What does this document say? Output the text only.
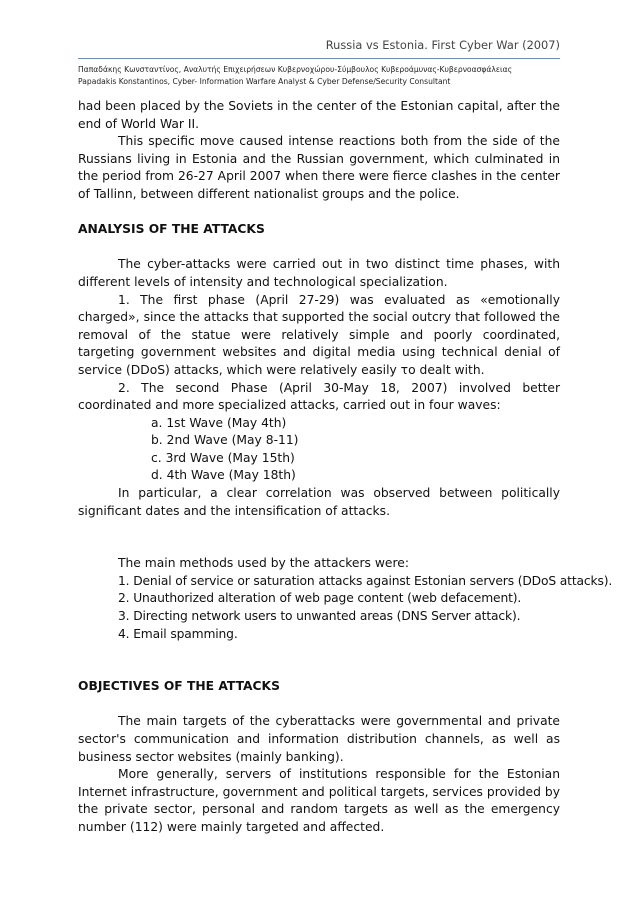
Russia vs Estonia. First Cyber War (2007)
Παπαδάκης Κωνσταντίνος, Αναλυτής Επιχειρήσεων Κυβερνοχώρου-Σύμβουλος Κυβεροάμυνας-Κυβερνοασφάλειας
Papadakis Konstantinos, Cyber- Information Warfare Analyst & Cyber Defense/Security Consultant

had been placed by the Soviets in the center of the Estonian capital, after the end of World War II.

This specific move caused intense reactions both from the side of the Russians living in Estonia and the Russian government, which culminated in the period from 26-27 April 2007 when there were fierce clashes in the center of Tallinn, between different nationalist groups and the police.

ANALYSIS OF THE ATTACKS

The cyber-attacks were carried out in two distinct time phases, with different levels of intensity and technological specialization.

1. The first phase (April 27-29) was evaluated as «emotionally charged», since the attacks that supported the social outcry that followed the removal of the statue were relatively simple and poorly coordinated, targeting government websites and digital media using technical denial of service (DDoS) attacks, which were relatively easily το dealt with.

2. The second Phase (April 30-May 18, 2007) involved better coordinated and more specialized attacks, carried out in four waves:

a. 1st Wave (May 4th)
b. 2nd Wave (May 8-11)
c. 3rd Wave (May 15th)
d. 4th Wave (May 18th)

In particular, a clear correlation was observed between politically significant dates and the intensification of attacks.

The main methods used by the attackers were:

1. Denial of service or saturation attacks against Estonian servers (DDoS attacks).
2. Unauthorized alteration of web page content (web defacement).
3. Directing network users to unwanted areas (DNS Server attack).
4. Email spamming.

OBJECTIVES OF THE ATTACKS

The main targets of the cyberattacks were governmental and private sector's communication and information distribution channels, as well as business sector websites (mainly banking).

More generally, servers of institutions responsible for the Estonian Internet infrastructure, government and political targets, services provided by the private sector, personal and random targets as well as the emergency number (112) were mainly targeted and affected.
